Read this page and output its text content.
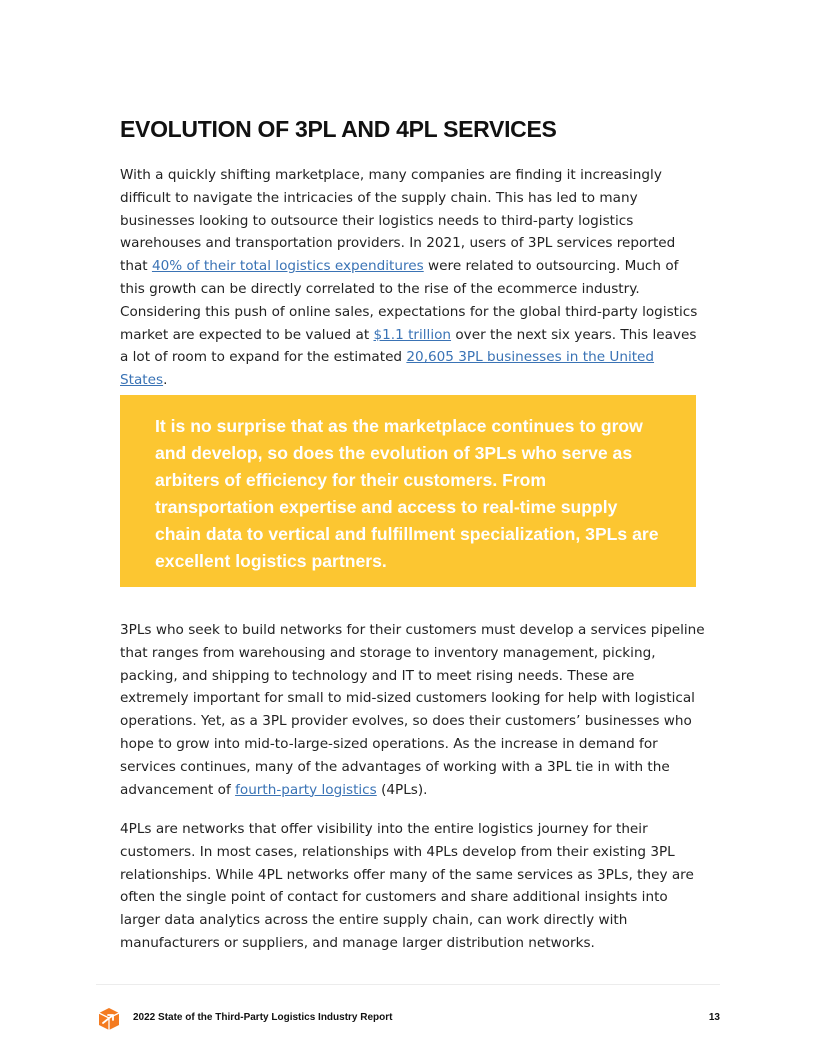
EVOLUTION OF 3PL AND 4PL SERVICES

With a quickly shifting marketplace, many companies are finding it increasingly difficult to navigate the intricacies of the supply chain. This has led to many businesses looking to outsource their logistics needs to third-party logistics warehouses and transportation providers. In 2021, users of 3PL services reported that 40% of their total logistics expenditures were related to outsourcing. Much of this growth can be directly correlated to the rise of the ecommerce industry. Considering this push of online sales, expectations for the global third-party logistics market are expected to be valued at $1.1 trillion over the next six years. This leaves a lot of room to expand for the estimated 20,605 3PL businesses in the United States.

It is no surprise that as the marketplace continues to grow and develop, so does the evolution of 3PLs who serve as arbiters of efficiency for their customers. From transportation expertise and access to real-time supply chain data to vertical and fulfillment specialization, 3PLs are excellent logistics partners.

3PLs who seek to build networks for their customers must develop a services pipeline that ranges from warehousing and storage to inventory management, picking, packing, and shipping to technology and IT to meet rising needs. These are extremely important for small to mid-sized customers looking for help with logistical operations. Yet, as a 3PL provider evolves, so does their customers’ businesses who hope to grow into mid-to-large-sized operations. As the increase in demand for services continues, many of the advantages of working with a 3PL tie in with the advancement of fourth-party logistics (4PLs).

4PLs are networks that offer visibility into the entire logistics journey for their customers. In most cases, relationships with 4PLs develop from their existing 3PL relationships. While 4PL networks offer many of the same services as 3PLs, they are often the single point of contact for customers and share additional insights into larger data analytics across the entire supply chain, can work directly with manufacturers or suppliers, and manage larger distribution networks.

2022 State of the Third-Party Logistics Industry Report	13
